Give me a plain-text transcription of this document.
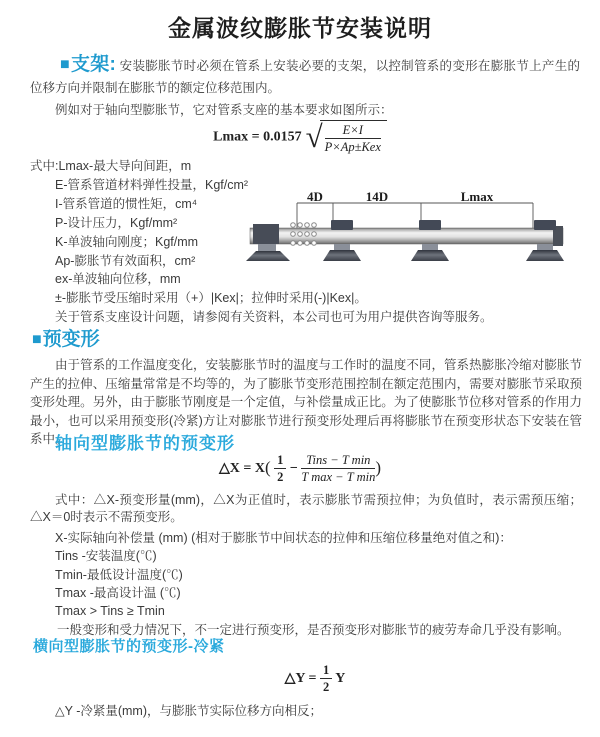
金属波纹膨胀节安装说明
■支架: 安装膨胀节时必须在管系上安装必要的支架，以控制管系的变形在膨胀节上产生的位移方向并限制在膨胀节的额定位移范围内。
例如对于轴向型膨胀节，它对管系支座的基本要求如图所示：
Lmax = 0.0157 √ $\frac{E\times I}{\text{P×Ap±Kex}}$
式中:Lmax-最大导向间距，m
E-管系管道材料弹性投量，Kgf/cm²
I-管系管道的惯性矩，cm⁴
P-设计压力，Kgf/mm²
K-单波轴向刚度；Kgf/mm
Ap-膨胀节有效面积，cm²
ex-单波轴向位移，mm
±-膨胀节受压缩时采用（+）|Kex|；拉伸时采用(-)|Kex|。
关于管系支座设计问题，请参阅有关资料，本公司也可为用户提供咨询等服务。
4D	14D	Lmax
■预变形
由于管系的工作温度变化，安装膨胀节时的温度与工作时的温度不同，管系热膨胀冷缩对膨胀节产生的拉伸、压缩量常常是不均等的，为了膨胀节变形范围控制在额定范围内，需要对膨胀节采取预变形处理。另外，由于膨胀节刚度是一个定值，与补偿量成正比。为了使膨胀节位移对管系的作用力最小，也可以采用预变形(冷紧)方让对膨胀节进行预变形处理后再将膨胀节在预变形状态下安装在管系中。
轴向型膨胀节的预变形
△X = $X( \frac{1}{2} - \frac{\text{Tins − T min}}{\text{T max − T min}}$ )
式中：△X-预变形量(mm)，△X为正值时，表示膨胀节需预拉伸；为负值时，表示需预压缩；△X＝0时表示不需预变形。
X-实际轴向补偿量 (mm) (相对于膨胀节中间状态的拉伸和压缩位移量绝对值之和)：
Tins -安装温度(℃)
Tmin-最低设计温度(℃)
Tmax -最高设计温 (℃)
Tmax > Tins ≥ Tmin
一般变形和受力情况下，不一定进行预变形，是否预变形对膨胀节的疲劳寿命几乎没有影响。
横向型膨胀节的预变形-冷紧
△Y = $\frac{1}{2}$ Y
△Y -冷紧量(mm)，与膨胀节实际位移方向相反；
